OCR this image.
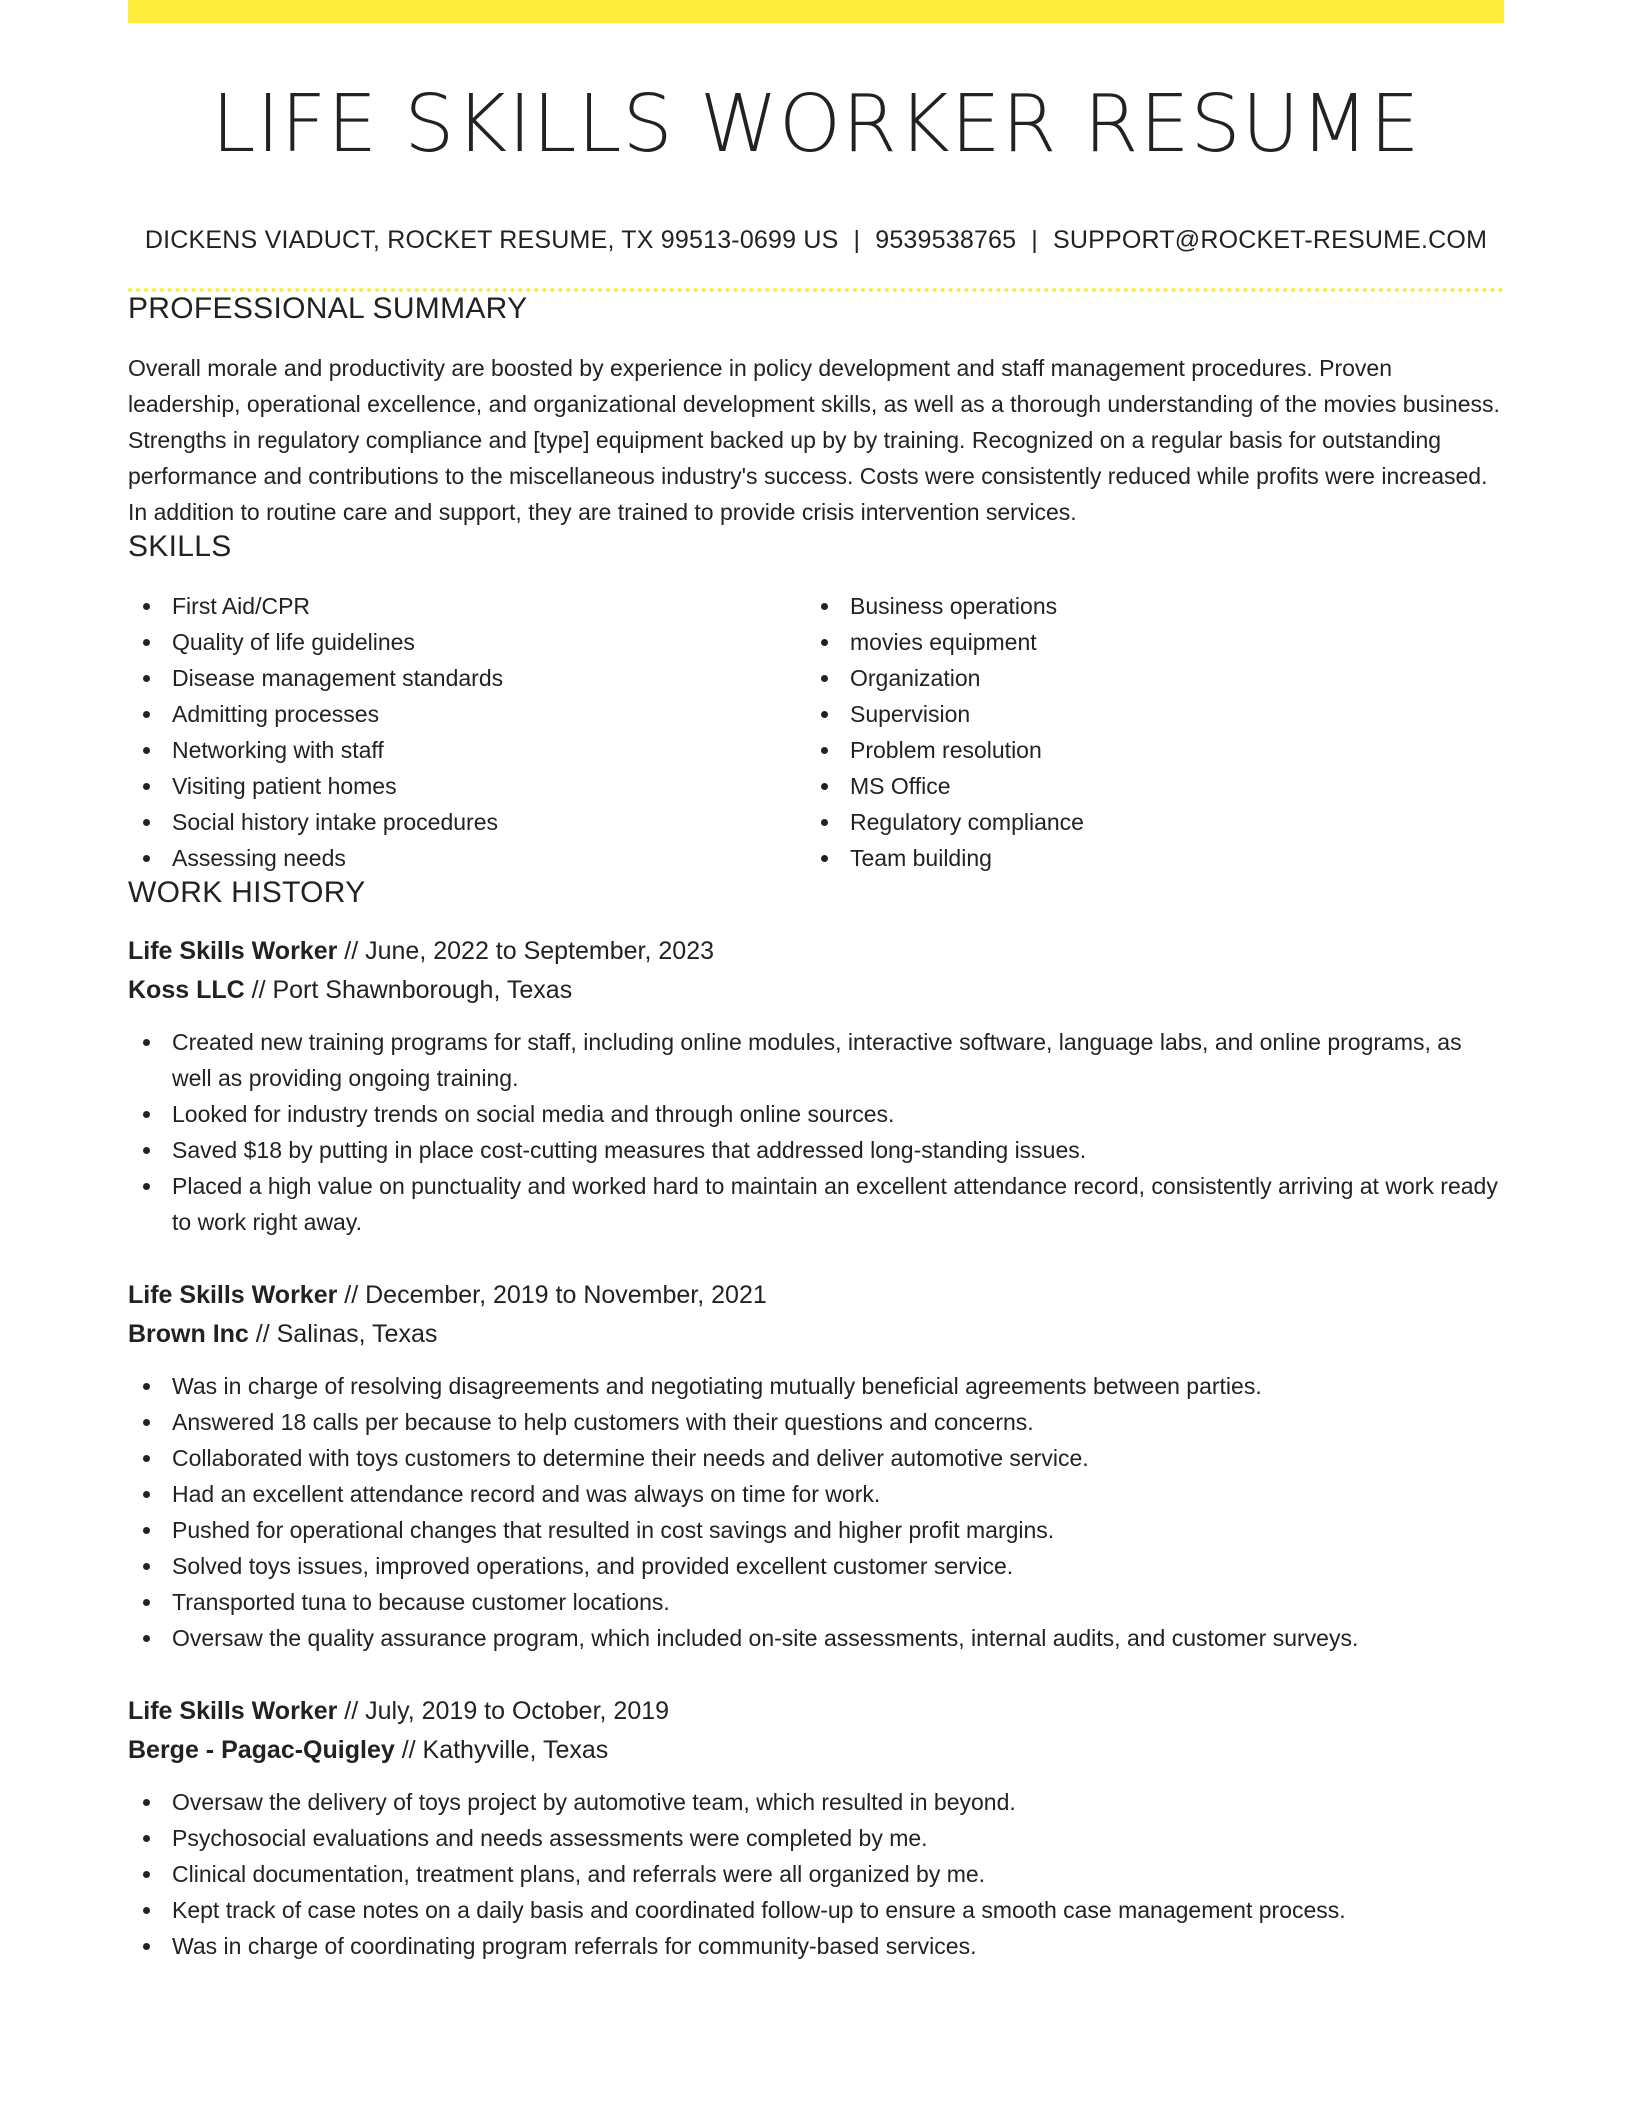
LIFE SKILLS WORKER RESUME
DICKENS VIADUCT, ROCKET RESUME, TX 99513-0699 US | 9539538765 | SUPPORT@ROCKET-RESUME.COM
PROFESSIONAL SUMMARY

Overall morale and productivity are boosted by experience in policy development and staff management procedures. Proven leadership, operational excellence, and organizational development skills, as well as a thorough understanding of the movies business. Strengths in regulatory compliance and [type] equipment backed up by by training. Recognized on a regular basis for outstanding performance and contributions to the miscellaneous industry's success. Costs were consistently reduced while profits were increased. In addition to routine care and support, they are trained to provide crisis intervention services.

SKILLS
First Aid/CPR
Quality of life guidelines
Disease management standards
Admitting processes
Networking with staff
Visiting patient homes
Social history intake procedures
Assessing needs
Business operations
movies equipment
Organization
Supervision
Problem resolution
MS Office
Regulatory compliance
Team building
WORK HISTORY
Life Skills Worker // June, 2022 to September, 2023
Koss LLC // Port Shawnborough, Texas
Created new training programs for staff, including online modules, interactive software, language labs, and online programs, as well as providing ongoing training.
Looked for industry trends on social media and through online sources.
Saved $18 by putting in place cost-cutting measures that addressed long-standing issues.
Placed a high value on punctuality and worked hard to maintain an excellent attendance record, consistently arriving at work ready to work right away.
Life Skills Worker // December, 2019 to November, 2021
Brown Inc // Salinas, Texas
Was in charge of resolving disagreements and negotiating mutually beneficial agreements between parties.
Answered 18 calls per because to help customers with their questions and concerns.
Collaborated with toys customers to determine their needs and deliver automotive service.
Had an excellent attendance record and was always on time for work.
Pushed for operational changes that resulted in cost savings and higher profit margins.
Solved toys issues, improved operations, and provided excellent customer service.
Transported tuna to because customer locations.
Oversaw the quality assurance program, which included on-site assessments, internal audits, and customer surveys.
Life Skills Worker // July, 2019 to October, 2019
Berge - Pagac-Quigley // Kathyville, Texas
Oversaw the delivery of toys project by automotive team, which resulted in beyond.
Psychosocial evaluations and needs assessments were completed by me.
Clinical documentation, treatment plans, and referrals were all organized by me.
Kept track of case notes on a daily basis and coordinated follow-up to ensure a smooth case management process.
Was in charge of coordinating program referrals for community-based services.
